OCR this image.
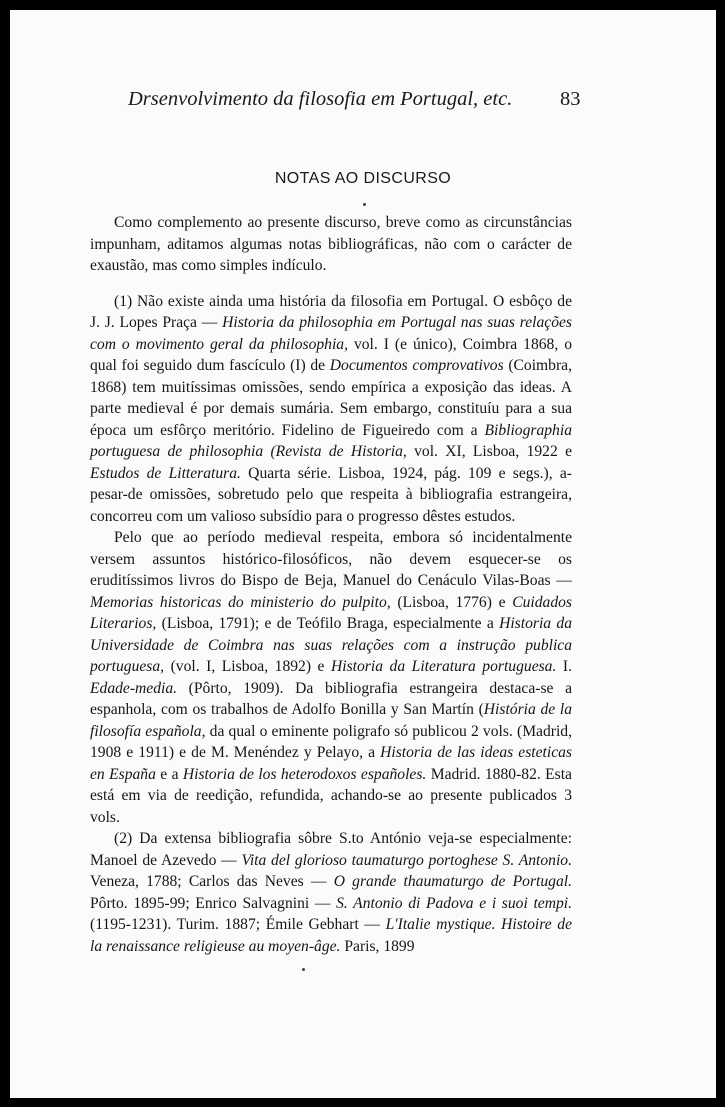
Drsenvolvimento da filosofia em Portugal, etc.	83
NOTAS AO DISCURSO

Como complemento ao presente discurso, breve como as circunstâncias impunham, aditamos algumas notas bibliográficas, não com o carácter de exaustão, mas como simples indículo.

(1) Não existe ainda uma história da filosofia em Portugal. O esbôço de J. J. Lopes Praça — Historia da philosophia em Portugal nas suas relações com o movimento geral da philosophia, vol. I (e único), Coimbra 1868, o qual foi seguido dum fascículo (I) de Documentos comprovativos (Coimbra, 1868) tem muitíssimas omissões, sendo empírica a exposição das ideas. A parte medieval é por demais sumária. Sem embargo, constituíu para a sua época um esfôrço meritório. Fidelino de Figueiredo com a Bibliographia portuguesa de philosophia (Revista de Historia, vol. XI, Lisboa, 1922 e Estudos de Litteratura. Quarta série. Lisboa, 1924, pág. 109 e segs.), a-pesar-de omissões, sobretudo pelo que respeita à bibliografia estrangeira, concorreu com um valioso subsídio para o progresso dêstes estudos.

Pelo que ao período medieval respeita, embora só incidentalmente versem assuntos histórico-filosóficos, não devem esquecer-se os eruditíssimos livros do Bispo de Beja, Manuel do Cenáculo Vilas-Boas — Memorias historicas do ministerio do pulpito, (Lisboa, 1776) e Cuidados Literarios, (Lisboa, 1791); e de Teófilo Braga, especialmente a Historia da Universidade de Coimbra nas suas relações com a instrução publica portuguesa, (vol. I, Lisboa, 1892) e Historia da Literatura portuguesa. I. Edade-media. (Pôrto, 1909). Da bibliografia estrangeira destaca-se a espanhola, com os trabalhos de Adolfo Bonilla y San Martín (História de la filosofía española, da qual o eminente poligrafo só publicou 2 vols. (Madrid, 1908 e 1911) e de M. Menéndez y Pelayo, a Historia de las ideas esteticas en España e a Historia de los heterodoxos españoles. Madrid. 1880-82. Esta está em via de reedição, refundida, achando-se ao presente publicados 3 vols.

(2) Da extensa bibliografia sôbre S.to António veja-se especialmente: Manoel de Azevedo — Vita del glorioso taumaturgo portoghese S. Antonio. Veneza, 1788; Carlos das Neves — O grande thaumaturgo de Portugal. Pôrto. 1895-99; Enrico Salvagnini — S. Antonio di Padova e i suoi tempi. (1195-1231). Turim. 1887; Émile Gebhart — L'Italie mystique. Histoire de la renaissance religieuse au moyen-âge. Paris, 1899
